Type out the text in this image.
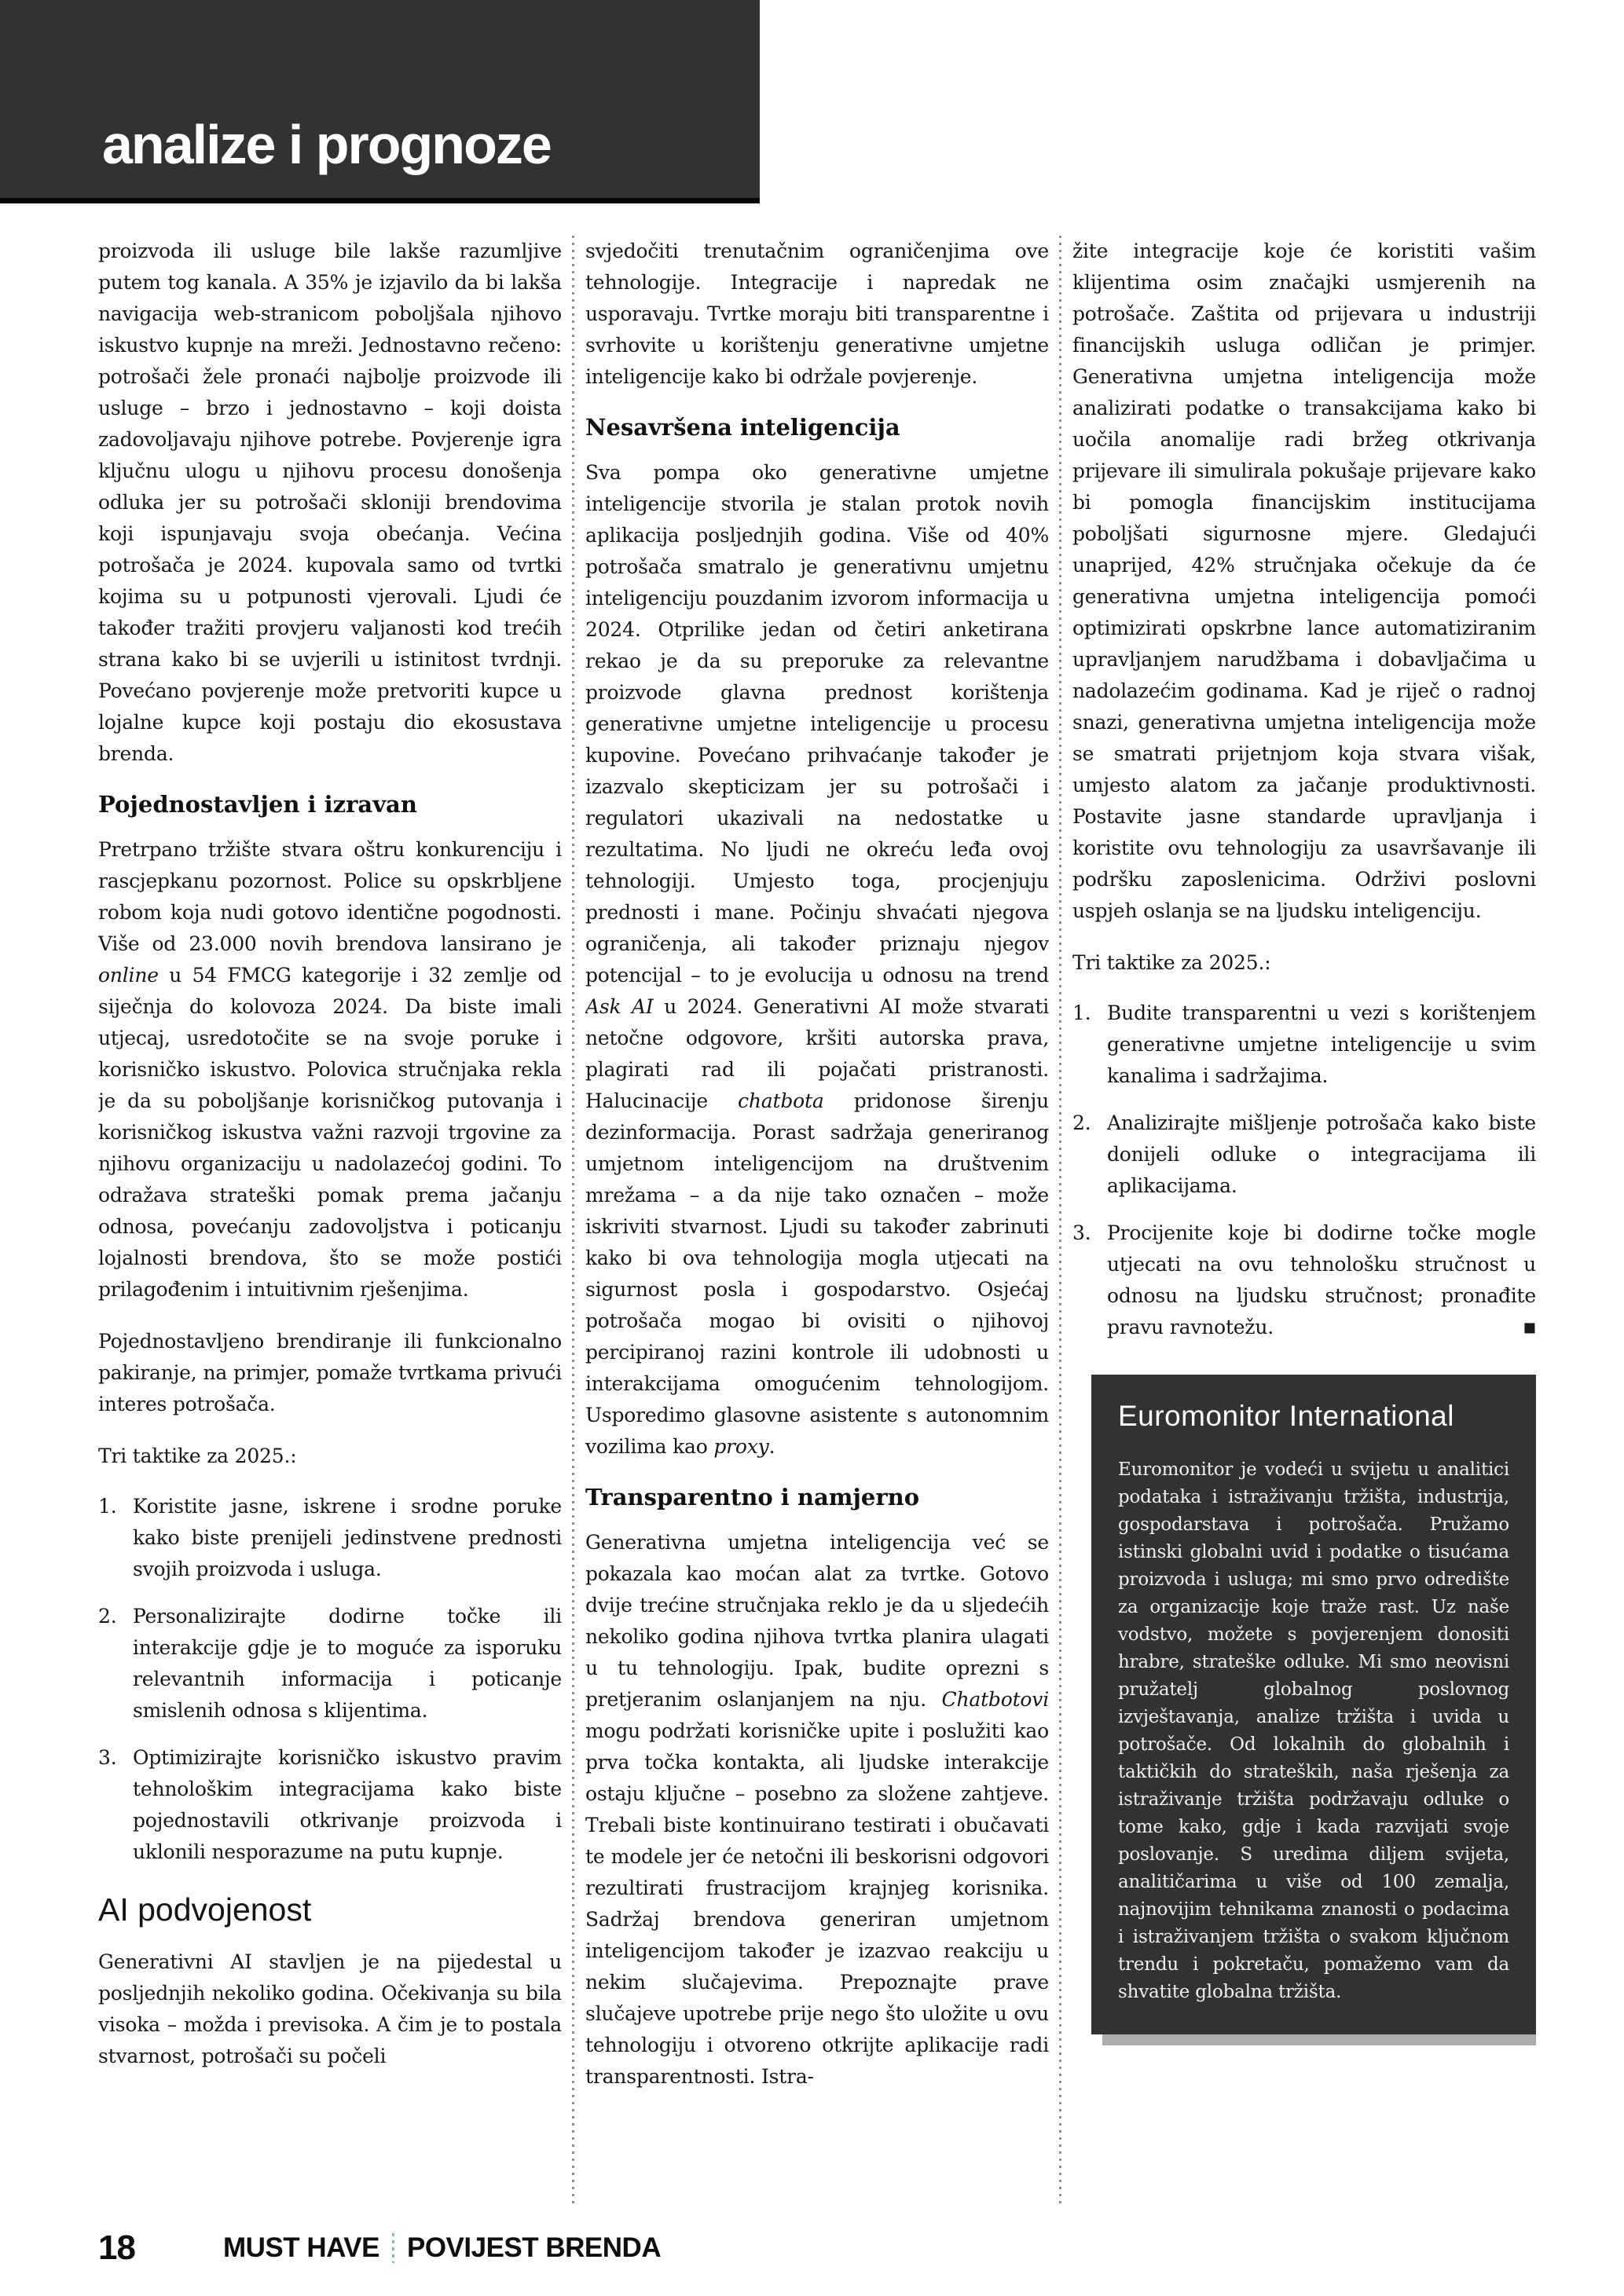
analize i prognoze

proizvoda ili usluge bile lakše razumljive putem tog kanala. A 35% je izjavilo da bi lakša navigacija web-stranicom poboljšala njihovo iskustvo kupnje na mreži. Jednostavno rečeno: potrošači žele pronaći najbolje proizvode ili usluge – brzo i jednostavno – koji doista zadovoljavaju njihove potrebe. Povjerenje igra ključnu ulogu u njihovu procesu donošenja odluka jer su potrošači skloniji brendovima koji ispunjavaju svoja obećanja. Većina potrošača je 2024. kupovala samo od tvrtki kojima su u potpunosti vjerovali. Ljudi će također tražiti provjeru valjanosti kod trećih strana kako bi se uvjerili u istinitost tvrdnji. Povećano povjerenje može pretvoriti kupce u lojalne kupce koji postaju dio ekosustava brenda.

Pojednostavljen i izravan

Pretrpano tržište stvara oštru konkurenciju i rascjepkanu pozornost. Police su opskrbljene robom koja nudi gotovo identične pogodnosti. Više od 23.000 novih brendova lansirano je online u 54 FMCG kategorije i 32 zemlje od siječnja do kolovoza 2024. Da biste imali utjecaj, usredotočite se na svoje poruke i korisničko iskustvo. Polovica stručnjaka rekla je da su poboljšanje korisničkog putovanja i korisničkog iskustva važni razvoji trgovine za njihovu organizaciju u nadolazećoj godini. To odražava strateški pomak prema jačanju odnosa, povećanju zadovoljstva i poticanju lojalnosti brendova, što se može postići prilagođenim i intuitivnim rješenjima.

Pojednostavljeno brendiranje ili funkcionalno pakiranje, na primjer, pomaže tvrtkama privući interes potrošača.

Tri taktike za 2025.:

1. Koristite jasne, iskrene i srodne poruke kako biste prenijeli jedinstvene prednosti svojih proizvoda i usluga.
2. Personalizirajte dodirne točke ili interakcije gdje je to moguće za isporuku relevantnih informacija i poticanje smislenih odnosa s klijentima.
3. Optimizirajte korisničko iskustvo pravim tehnološkim integracijama kako biste pojednostavili otkrivanje proizvoda i uklonili nesporazume na putu kupnje.
AI podvojenost

Generativni AI stavljen je na pijedestal u posljednjih nekoliko godina. Očekivanja su bila visoka – možda i previsoka. A čim je to postala stvarnost, potrošači su počeli

svjedočiti trenutačnim ograničenjima ove tehnologije. Integracije i napredak ne usporavaju. Tvrtke moraju biti transparentne i svrhovite u korištenju generativne umjetne inteligencije kako bi održale povjerenje.

Nesavršena inteligencija

Sva pompa oko generativne umjetne inteligencije stvorila je stalan protok novih aplikacija posljednjih godina. Više od 40% potrošača smatralo je generativnu umjetnu inteligenciju pouzdanim izvorom informacija u 2024. Otprilike jedan od četiri anketirana rekao je da su preporuke za relevantne proizvode glavna prednost korištenja generativne umjetne inteligencije u procesu kupovine. Povećano prihvaćanje također je izazvalo skepticizam jer su potrošači i regulatori ukazivali na nedostatke u rezultatima. No ljudi ne okreću leđa ovoj tehnologiji. Umjesto toga, procjenjuju prednosti i mane. Počinju shvaćati njegova ograničenja, ali također priznaju njegov potencijal – to je evolucija u odnosu na trend Ask AI u 2024. Generativni AI može stvarati netočne odgovore, kršiti autorska prava, plagirati rad ili pojačati pristranosti. Halucinacije chatbota pridonose širenju dezinformacija. Porast sadržaja generiranog umjetnom inteligencijom na društvenim mrežama – a da nije tako označen – može iskriviti stvarnost. Ljudi su također zabrinuti kako bi ova tehnologija mogla utjecati na sigurnost posla i gospodarstvo. Osjećaj potrošača mogao bi ovisiti o njihovoj percipiranoj razini kontrole ili udobnosti u interakcijama omogućenim tehnologijom. Usporedimo glasovne asistente s autonomnim vozilima kao proxy.

Transparentno i namjerno

Generativna umjetna inteligencija već se pokazala kao moćan alat za tvrtke. Gotovo dvije trećine stručnjaka reklo je da u sljedećih nekoliko godina njihova tvrtka planira ulagati u tu tehnologiju. Ipak, budite oprezni s pretjeranim oslanjanjem na nju. Chatbotovi mogu podržati korisničke upite i poslužiti kao prva točka kontakta, ali ljudske interakcije ostaju ključne – posebno za složene zahtjeve. Trebali biste kontinuirano testirati i obučavati te modele jer će netočni ili beskorisni odgovori rezultirati frustracijom krajnjeg korisnika. Sadržaj brendova generiran umjetnom inteligencijom također je izazvao reakciju u nekim slučajevima. Prepoznajte prave slučajeve upotrebe prije nego što uložite u ovu tehnologiju i otvoreno otkrijte aplikacije radi transparentnosti. Istra-

žite integracije koje će koristiti vašim klijentima osim značajki usmjerenih na potrošače. Zaštita od prijevara u industriji financijskih usluga odličan je primjer. Generativna umjetna inteligencija može analizirati podatke o transakcijama kako bi uočila anomalije radi bržeg otkrivanja prijevare ili simulirala pokušaje prijevare kako bi pomogla financijskim institucijama poboljšati sigurnosne mjere. Gledajući unaprijed, 42% stručnjaka očekuje da će generativna umjetna inteligencija pomoći optimizirati opskrbne lance automatiziranim upravljanjem narudžbama i dobavljačima u nadolazećim godinama. Kad je riječ o radnoj snazi, generativna umjetna inteligencija može se smatrati prijetnjom koja stvara višak, umjesto alatom za jačanje produktivnosti. Postavite jasne standarde upravljanja i koristite ovu tehnologiju za usavršavanje ili podršku zaposlenicima. Održivi poslovni uspjeh oslanja se na ljudsku inteligenciju.

Tri taktike za 2025.:

1. Budite transparentni u vezi s korištenjem generativne umjetne inteligencije u svim kanalima i sadržajima.
2. Analizirajte mišljenje potrošača kako biste donijeli odluke o integracijama ili aplikacijama.
3. Procijenite koje bi dodirne točke mogle utjecati na ovu tehnološku stručnost u odnosu na ljudsku stručnost; pronađite pravu ravnotežu.	■
Euromonitor International

Euromonitor je vodeći u svijetu u analitici podataka i istraživanju tržišta, industrija, gospodarstava i potrošača. Pružamo istinski globalni uvid i podatke o tisućama proizvoda i usluga; mi smo prvo odredište za organizacije koje traže rast. Uz naše vodstvo, možete s povjerenjem donositi hrabre, strateške odluke. Mi smo neovisni pružatelj globalnog poslovnog izvještavanja, analize tržišta i uvida u potrošače. Od lokalnih do globalnih i taktičkih do strateških, naša rješenja za istraživanje tržišta podržavaju odluke o tome kako, gdje i kada razvijati svoje poslovanje. S uredima diljem svijeta, analitičarima u više od 100 zemalja, najnovijim tehnikama znanosti o podacima i istraživanjem tržišta o svakom ključnom trendu i pokretaču, pomažemo vam da shvatite globalna tržišta.

18	MUST HAVE POVIJEST BRENDA
